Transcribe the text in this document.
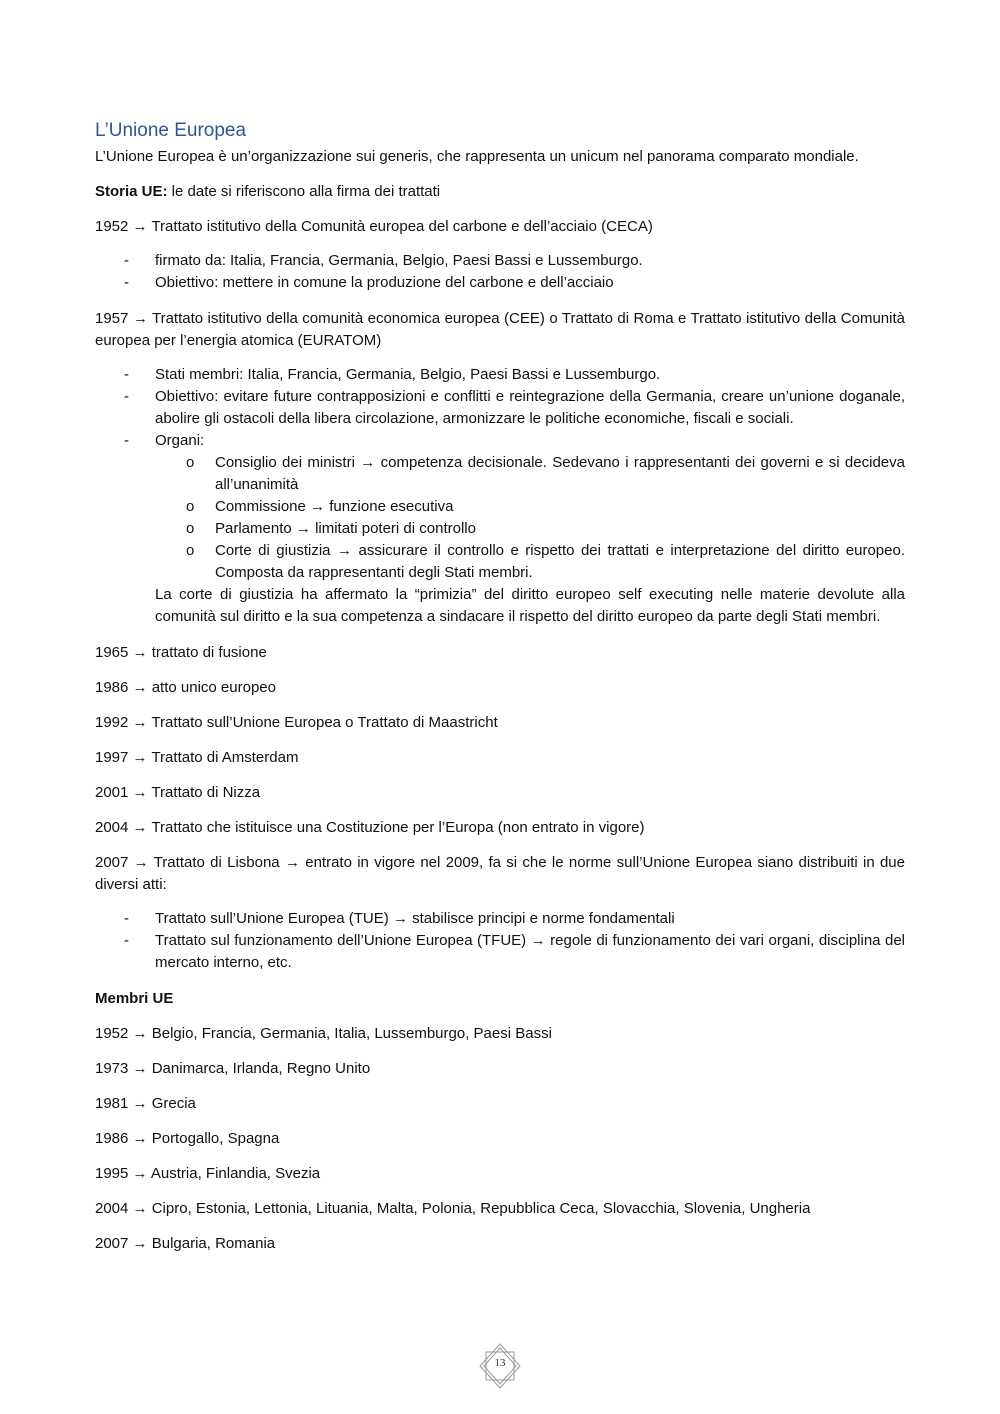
L’Unione Europea

L’Unione Europea è un’organizzazione sui generis, che rappresenta un unicum nel panorama comparato mondiale.

Storia UE: le date si riferiscono alla firma dei trattati

1952 → Trattato istitutivo della Comunità europea del carbone e dell’acciaio (CECA)

- firmato da: Italia, Francia, Germania, Belgio, Paesi Bassi e Lussemburgo.
- Obiettivo: mettere in comune la produzione del carbone e dell’acciaio

1957 → Trattato istitutivo della comunità economica europea (CEE) o Trattato di Roma e Trattato istitutivo della Comunità europea per l’energia atomica (EURATOM)

- Stati membri: Italia, Francia, Germania, Belgio, Paesi Bassi e Lussemburgo.
- Obiettivo: evitare future contrapposizioni e conflitti e reintegrazione della Germania, creare un’unione doganale, abolire gli ostacoli della libera circolazione, armonizzare le politiche economiche, fiscali e sociali.
- Organi:
o Consiglio dei ministri → competenza decisionale. Sedevano i rappresentanti dei governi e si decideva all’unanimità
o Commissione → funzione esecutiva
o Parlamento → limitati poteri di controllo
o Corte di giustizia → assicurare il controllo e rispetto dei trattati e interpretazione del diritto europeo. Composta da rappresentanti degli Stati membri.
La corte di giustizia ha affermato la “primizia” del diritto europeo self executing nelle materie devolute alla comunità sul diritto e la sua competenza a sindacare il rispetto del diritto europeo da parte degli Stati membri.

1965 → trattato di fusione

1986 → atto unico europeo

1992 → Trattato sull’Unione Europea o Trattato di Maastricht

1997 → Trattato di Amsterdam

2001 → Trattato di Nizza

2004 → Trattato che istituisce una Costituzione per l’Europa (non entrato in vigore)

2007 → Trattato di Lisbona → entrato in vigore nel 2009, fa si che le norme sull’Unione Europea siano distribuiti in due diversi atti:

- Trattato sull’Unione Europea (TUE) → stabilisce principi e norme fondamentali
- Trattato sul funzionamento dell’Unione Europea (TFUE) → regole di funzionamento dei vari organi, disciplina del mercato interno, etc.

Membri UE

1952 → Belgio, Francia, Germania, Italia, Lussemburgo, Paesi Bassi

1973 → Danimarca, Irlanda, Regno Unito

1981 → Grecia

1986 → Portogallo, Spagna

1995 → Austria, Finlandia, Svezia

2004 → Cipro, Estonia, Lettonia, Lituania, Malta, Polonia, Repubblica Ceca, Slovacchia, Slovenia, Ungheria

2007 → Bulgaria, Romania

13
